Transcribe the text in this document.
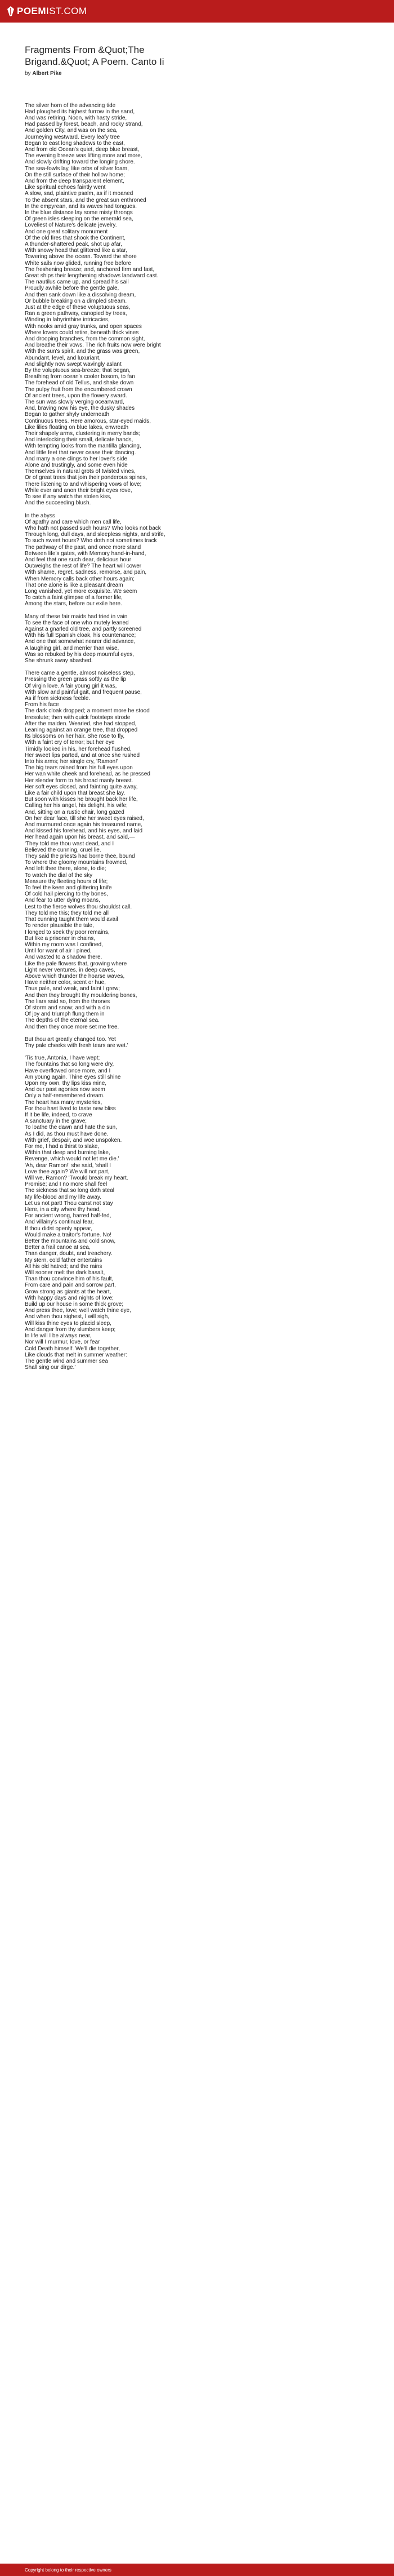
POEM IST.COM
Fragments From &Quot;The Brigand.&Quot; A Poem. Canto Ii
by Albert Pike
The silver horn of the advancing tide
Had ploughed its highest furrow in the sand,
And was retiring. Noon, with hasty stride,
Had passed by forest, beach, and rocky strand,
And golden City, and was on the sea,
Journeying westward. Every leafy tree
Began to east long shadows to the east,
And from old Ocean's quiet, deep blue breast,
The evening breeze was lifting more and more,
And slowly drifting toward the longing shore.
The sea-fowls lay, like orbs of silver foam,
On the still surface of their hollow home;
And from the deep transparent element,
Like spiritual echoes faintly went
A slow, sad, plaintive psalm, as if it moaned
To the absent stars, and the great sun enthroned
In the empyrean, and its waves had tongues.
In the blue distance lay some misty throngs
Of green isles sleeping on the emerald sea,
Loveliest of Nature's delicate jewelry.
And one great solitary monument
Of the old fires that shook the Continent,
A thunder-shattered peak, shot up afar,
With snowy head that glittered like a star,
Towering above the ocean. Toward the shore
White sails now glided, running free before
The freshening breeze; and, anchored firm and fast,
Great ships their lengthening shadows landward cast.
The nautilus came up, and spread his sail
Proudly awhile before the gentle gale,
And then sank down like a dissolving dream,
Or bubble breaking on a dimpled stream.
Just at the edge of these voluptuous seas,
Ran a green pathway, canopied by trees,
Winding in labyrinthine intricacies,
With nooks amid gray trunks, and open spaces
Where lovers could retire, beneath thick vines
And drooping branches, from the common sight,
And breathe their vows. The rich fruits now were bright
With the sun's spirit, and the grass was green,
Abundant, level, and luxuriant,
And slightly now swept wavingly aslant
By the voluptuous sea-breeze; that began,
Breathing from ocean's cooler bosom, to fan
The forehead of old Tellus, and shake down
The pulpy fruit from the encumbered crown
Of ancient trees, upon the flowery sward.
The sun was slowly verging oceanward,
And, braving now his eye, the dusky shades
Began to gather shyly underneath
Continuous trees. Here amorous, star-eyed maids,
Like lilies floating on blue lakes, enwreath
Their shapely arms, clustering in merry bands;
And interlocking their small, delicate hands,
With tempting looks from the mantilla glancing,
And little feet that never cease their dancing.
And many a one clings to her lover's side
Alone and trustingly, and some even hide
Themselves in natural grots of twisted vines,
Or of great trees that join their ponderous spines,
There listening to and whispering vows of love;
While ever and anon their bright eyes rove,
To see if any watch the stolen kiss,
And the succeeding blush.
In the abyss
Of apathy and care which men call life,
Who hath not passed such hours? Who looks not back
Through long, dull days, and sleepless nights, and strife,
To such sweet hours? Who doth not sometimes track
The pathway of the past, and once more stand
Between life's gates, with Memory hand-in-hand,
And feel that one such dear, delicious hour
Outweighs the rest of life? The heart will cower
With shame, regret, sadness, remorse, and pain,
When Memory calls back other hours again;
That one alone is like a pleasant dream
Long vanished, yet more exquisite. We seem
To catch a faint glimpse of a former life,
Among the stars, before our exile here.
Many of these fair maids had tried in vain
To see the face of one who mutely leaned
Against a gnarled old tree, and partly screened
With his full Spanish cloak, his countenance;
And one that somewhat nearer did advance,
A laughing girl, and merrier than wise,
Was so rebuked by his deep mournful eyes,
She shrunk away abashed.
There came a gentle, almost noiseless step,
Pressing the green grass softly as the lip
Of virgin love. A fair young girl it was,
With slow and painful gait, and frequent pause,
As if from sickness feeble.
From his face
The dark cloak dropped; a moment more he stood
Irresolute; then with quick footsteps strode
After the maiden. Wearied, she had stopped,
Leaning against an orange tree, that dropped
Its blossoms on her hair. She rose to fly,
With a faint cry of terror; but her eye
Timidly looked in his, her forehead flushed,
Her sweet lips parted, and at once she rushed
Into his arms; her single cry, 'Ramon!'
The big tears rained from his full eyes upon
Her wan white cheek and forehead, as he pressed
Her slender form to his broad manly breast.
Her soft eyes closed, and fainting quite away,
Like a fair child upon that breast she lay.
But soon with kisses he brought back her life,
Calling her his angel, his delight, his wife;
And, sitting on a rustic chair, long gazed
On her dear face, till she her sweet eyes raised,
And murmured once again his treasured name,
And kissed his forehead, and his eyes, and laid
Her head again upon his breast, and said,—
'They told me thou wast dead, and I
Believed the cunning, cruel lie.
They said the priests had borne thee, bound
To where the gloomy mountains frowned,
And left thee there, alone, to die;
To watch the dial of the sky
Measure thy fleeting hours of life;
To feel the keen and glittering knife
Of cold hail piercing to thy bones,
And fear to utter dying moans,
Lest to the fierce wolves thou shouldst call.
They told me this; they told me all
That cunning taught them would avail
To render plausible the tale,
I longed to seek thy poor remains,
But like a prisoner in chains,
Within my room was I confined,
Until for want of air I pined,
And wasted to a shadow there.
Like the pale flowers that, growing where
Light never ventures, in deep caves,
Above which thunder the hoarse waves,
Have neither color, scent or hue,
Thus pale, and weak, and faint I grew;
And then they brought thy mouldering bones,
The liars said so, from the thrones
Of storm and snow; and with a din
Of joy and triumph flung them in
The depths of the eternal sea.
And then they once more set me free.
But thou art greatly changed too. Yet
Thy pale cheeks with fresh tears are wet.'
'Tis true, Antonia, I have wept;
The fountains that so long were dry,
Have overflowed once more, and I
Am young again. Thine eyes still shine
Upon my own, thy lips kiss mine,
And our past agonies now seem
Only a half-remembered dream.
The heart has many mysteries,
For thou hast lived to taste new bliss
If it be life, indeed, to crave
A sanctuary in the grave;
To loathe the dawn and hate the sun,
As I did, as thou must have done.
With grief, despair, and woe unspoken.
For me, I had a thirst to slake,
Within that deep and burning lake,
Revenge, which would not let me die.'
'Ah, dear Ramon!' she said, 'shall I
Love thee again? We will not part,
Will we, Ramon? 'Twould break my heart.
Promise; and I no more shall feel
The sickness that so long doth steal
My life-blood and my life away.
Let us not part! Thou canst not stay
Here, in a city where thy head,
For ancient wrong, harred half-fed,
And villainy's continual fear,
If thou didst openly appear,
Would make a traitor's fortune. No!
Better the mountains and cold snow,
Better a frail canoe at sea,
Than danger, doubt, and treachery.
My stern, cold father entertains
All his old hatred; and the rains
Will sooner melt the dark basalt,
Than thou convince him of his fault,
From care and pain and sorrow part,
Grow strong as giants at the heart,
With happy days and nights of love;
Build up our house in some thick grove;
And press thee, love; well watch thine eye,
And when thou sighest, I will sigh,
Will kiss thine eyes to placid sleep,
And danger from thy slumbers keep;
In life will I be always near,
Nor will I murmur, love, or fear
Cold Death himself. We'll die together,
Like clouds that melt in summer weather:
The gentle wind and summer sea
Shall sing our dirge.'
Copyright belong to their respective owners
